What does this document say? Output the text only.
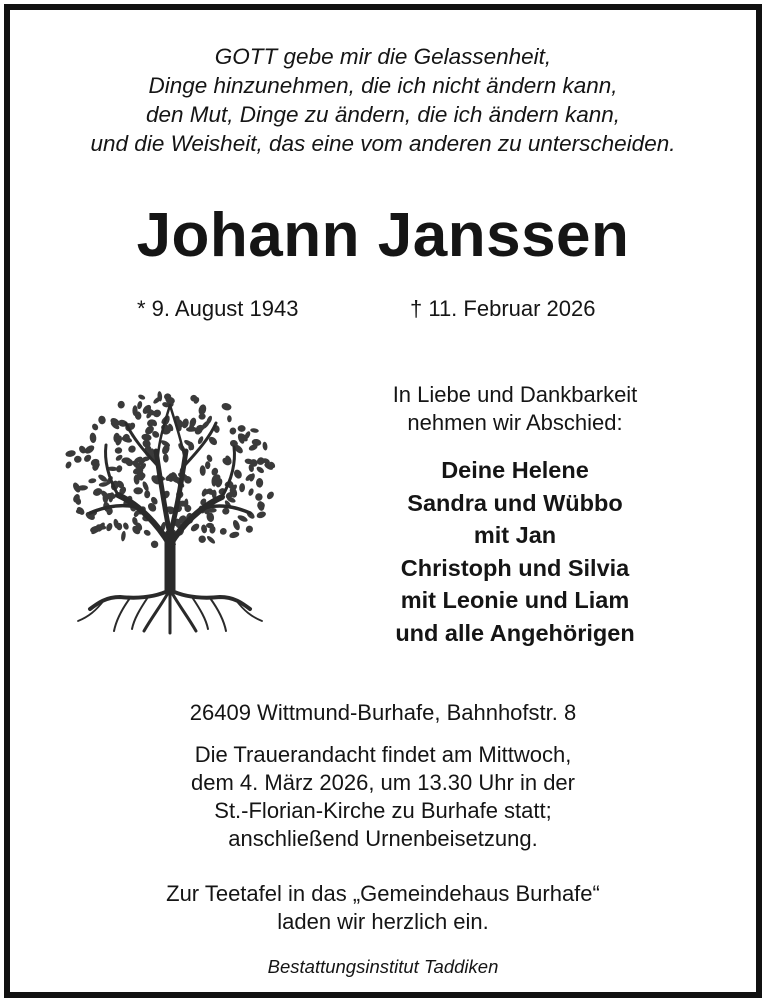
GOTT gebe mir die Gelassenheit,
Dinge hinzunehmen, die ich nicht ändern kann,
den Mut, Dinge zu ändern, die ich ändern kann,
und die Weisheit, das eine vom anderen zu unterscheiden.
Johann Janssen
* 9. August 1943	† 11. Februar 2026
In Liebe und Dankbarkeit
nehmen wir Abschied:
Deine Helene
Sandra und Wübbo
mit Jan
Christoph und Silvia
mit Leonie und Liam
und alle Angehörigen
26409 Wittmund-Burhafe, Bahnhofstr. 8
Die Trauerandacht findet am Mittwoch,
dem 4. März 2026, um 13.30 Uhr in der
St.-Florian-Kirche zu Burhafe statt;
anschließend Urnenbeisetzung.
Zur Teetafel in das „Gemeindehaus Burhafe“
laden wir herzlich ein.
Bestattungsinstitut Taddiken
